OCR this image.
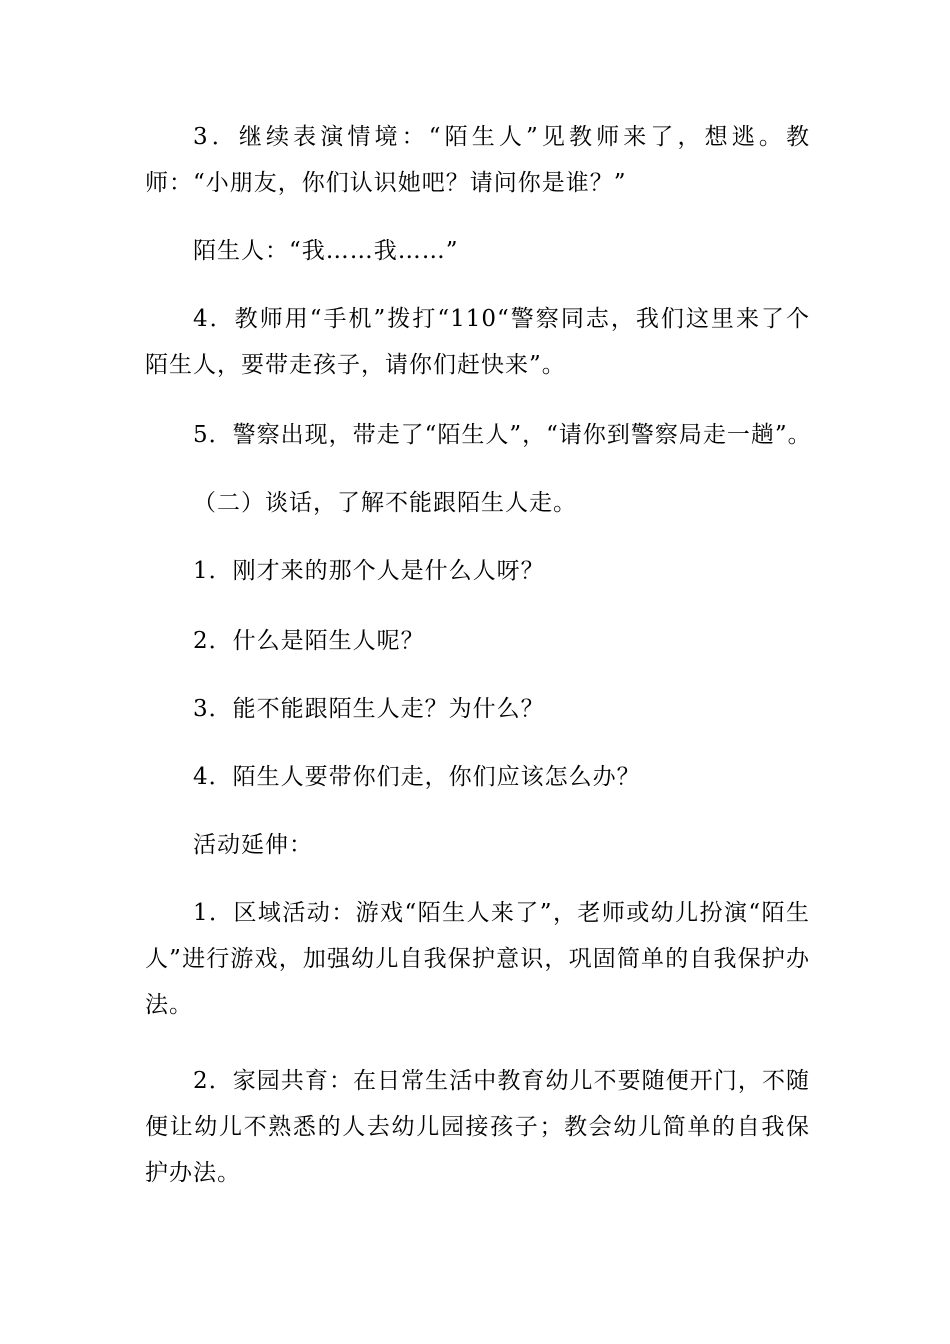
3．继续表演情境：“陌生人”见教师来了，想逃。教师：“小朋友，你们认识她吧？请问你是谁？”

陌生人：“我……我……”

4．教师用“手机”拨打“110“警察同志，我们这里来了个陌生人，要带走孩子，请你们赶快来”。

5．警察出现，带走了“陌生人”，“请你到警察局走一趟”。

（二）谈话，了解不能跟陌生人走。

1．刚才来的那个人是什么人呀？

2．什么是陌生人呢？

3．能不能跟陌生人走？为什么？

4．陌生人要带你们走，你们应该怎么办？

活动延伸：

1．区域活动：游戏“陌生人来了”，老师或幼儿扮演“陌生人”进行游戏，加强幼儿自我保护意识，巩固简单的自我保护办法。

2．家园共育：在日常生活中教育幼儿不要随便开门，不随便让幼儿不熟悉的人去幼儿园接孩子；教会幼儿简单的自我保护办法。
